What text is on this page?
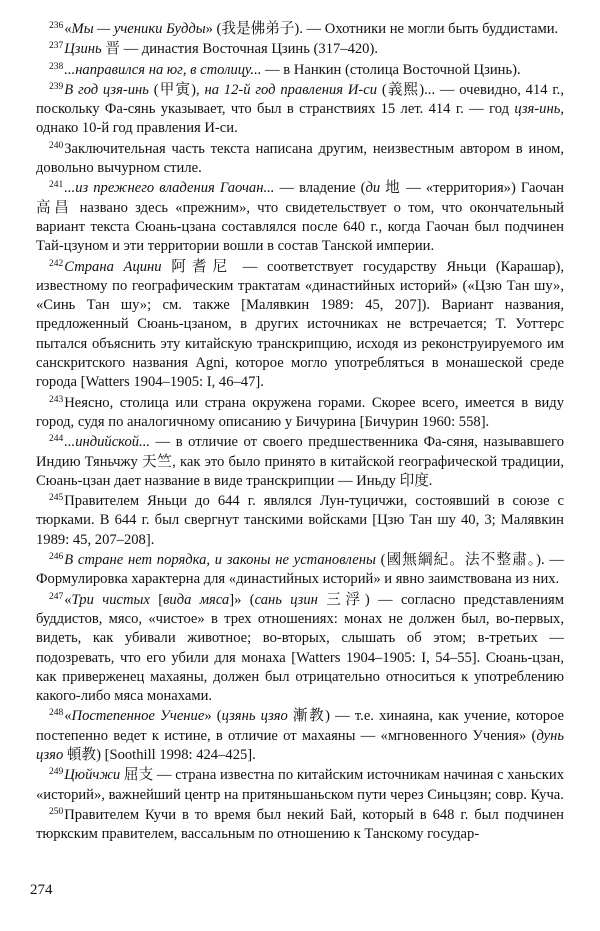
$^{236}$«Мы — ученики Будды» (我是佛弟子). — Охотники не могли быть буддистами.

$^{237}$Цзинь 晋 — династия Восточная Цзинь (317–420).

$^{238}$...направился на юг, в столицу... — в Нанкин (столица Восточной Цзинь).

$^{239}$В год цзя-инь (甲寅), на 12-й год правления И-си (義熙)... — очевидно, 414 г., поскольку Фа-сянь указывает, что был в странствиях 15 лет. 414 г. — год цзя-инь, однако 10-й год правления И-си.

$^{240}$Заключительная часть текста написана другим, неизвестным автором в ином, довольно вычурном стиле.

$^{241}$...из прежнего владения Гаочан... — владение (ди 地 — «территория») Гаочан 高昌 названо здесь «прежним», что свидетельствует о том, что окончательный вариант текста Сюань-цзана составлялся после 640 г., когда Гаочан был подчинен Тай-цзуном и эти территории вошли в состав Танской империи.

$^{242}$Страна Ацини 阿耆尼 — соответствует государству Яньци (Карашар), известному по географическим трактатам «династийных историй» («Цзю Тан шу», «Синь Тан шу»; см. также [Малявкин 1989: 45, 207]). Вариант названия, предложенный Сюань-цзаном, в других источниках не встречается; Т. Уоттерс пытался объяснить эту китайскую транскрипцию, исходя из реконструируемого им санскритского названия Agni, которое могло употребляться в монашеской среде города [Watters 1904–1905: I, 46–47].

$^{243}$Неясно, столица или страна окружена горами. Скорее всего, имеется в виду город, судя по аналогичному описанию у Бичурина [Бичурин 1960: 558].

$^{244}$...индийской... — в отличие от своего предшественника Фа-сяня, называвшего Индию Тяньчжу 天竺, как это было принято в китайской географической традиции, Сюань-цзан дает название в виде транскрипции — Иньду 印度.

$^{245}$Правителем Яньци до 644 г. являлся Лун-туцичжи, состоявший в союзе с тюрками. В 644 г. был свергнут танскими войсками [Цзю Тан шу 40, 3; Малявкин 1989: 45, 207–208].

$^{246}$В стране нет порядка, и законы не установлены (國無綱紀。法不整肅。). — Формулировка характерна для «династийных историй» и явно заимствована из них.

$^{247}$«Три чистых [вида мяса]» (сань цзин 三浮) — согласно представлениям буддистов, мясо, «чистое» в трех отношениях: монах не должен был, во-первых, видеть, как убивали животное; во-вторых, слышать об этом; в-третьих — подозревать, что его убили для монаха [Watters 1904–1905: I, 54–55]. Сюань-цзан, как приверженец махаяны, должен был отрицательно относиться к употреблению какого-либо мяса монахами.

$^{248}$«Постепенное Учение» (цзянь цзяо 漸教) — т.е. хинаяна, как учение, которое постепенно ведет к истине, в отличие от махаяны — «мгновенного Учения» (дунь цзяо 頓教) [Soothill 1998: 424–425].

$^{249}$Цюйчжи 屈支 — страна известна по китайским источникам начиная с ханьских «историй», важнейший центр на притяньшаньском пути через Синьцзян; совр. Куча.

$^{250}$Правителем Кучи в то время был некий Бай, который в 648 г. был подчинен тюркским правителем, вассальным по отношению к Танскому государ-

274
